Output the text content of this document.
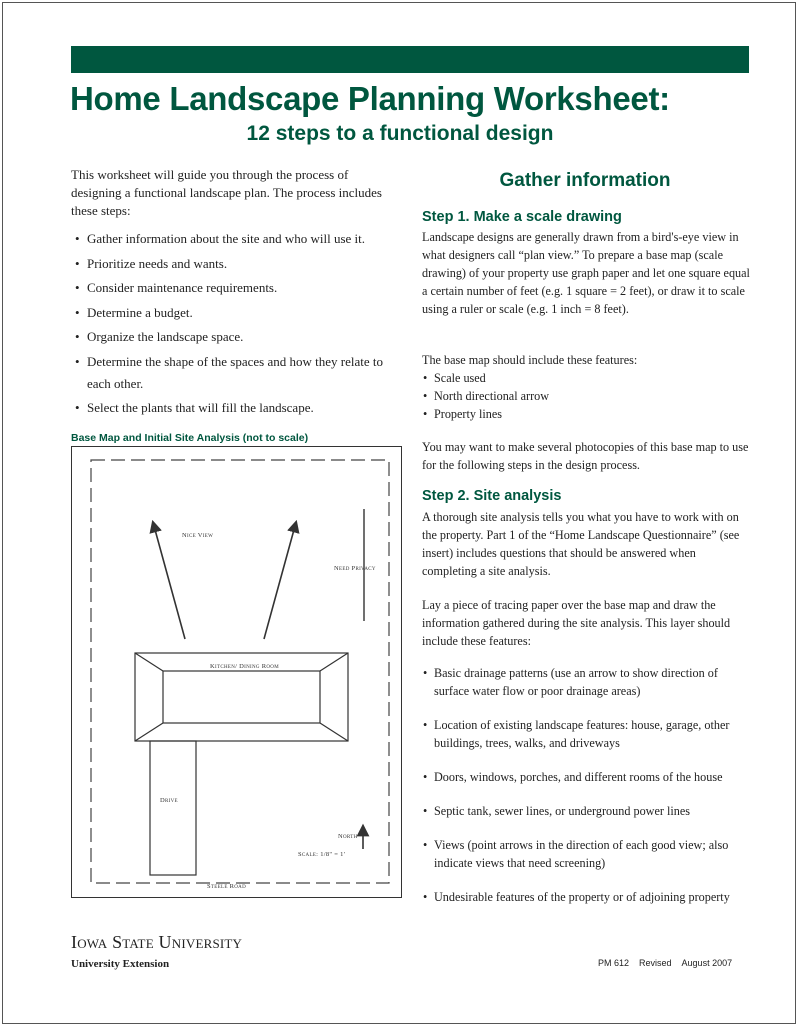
Home Landscape Planning Worksheet:
12 steps to a functional design

This worksheet will guide you through the process of designing a functional landscape plan. The process includes these steps:

• Gather information about the site and who will use it.
• Prioritize needs and wants.
• Consider maintenance requirements.
• Determine a budget.
• Organize the landscape space.
• Determine the shape of the spaces and how they relate to each other.
• Select the plants that will fill the landscape.

Base Map and Initial Site Analysis (not to scale)

Nice View
Need Privacy
Kitchen/ Dining Room
Drive
North
Scale: 1/8" = 1'
Steele Road
Gather information
Step 1. Make a scale drawing

Landscape designs are generally drawn from a bird's-eye view in what designers call “plan view.” To prepare a base map (scale drawing) of your property use graph paper and let one square equal a certain number of feet (e.g. 1 square = 2 feet), or draw it to scale using a ruler or scale (e.g. 1 inch = 8 feet).

The base map should include these features:

• Scale used
• North directional arrow
• Property lines

You may want to make several photocopies of this base map to use for the following steps in the design process.

Step 2. Site analysis

A thorough site analysis tells you what you have to work with on the property. Part 1 of the “Home Landscape Questionnaire” (see insert) includes questions that should be answered when completing a site analysis.

Lay a piece of tracing paper over the base map and draw the information gathered during the site analysis. This layer should include these features:

• Basic drainage patterns (use an arrow to show direction of surface water flow or poor drainage areas)
• Location of existing landscape features: house, garage, other buildings, trees, walks, and driveways
• Doors, windows, porches, and different rooms of the house
• Septic tank, sewer lines, or underground power lines
• Views (point arrows in the direction of each good view; also indicate views that need screening)
• Undesirable features of the property or of adjoining property

Iowa State University

University Extension	PM 612 Revised August 2007
